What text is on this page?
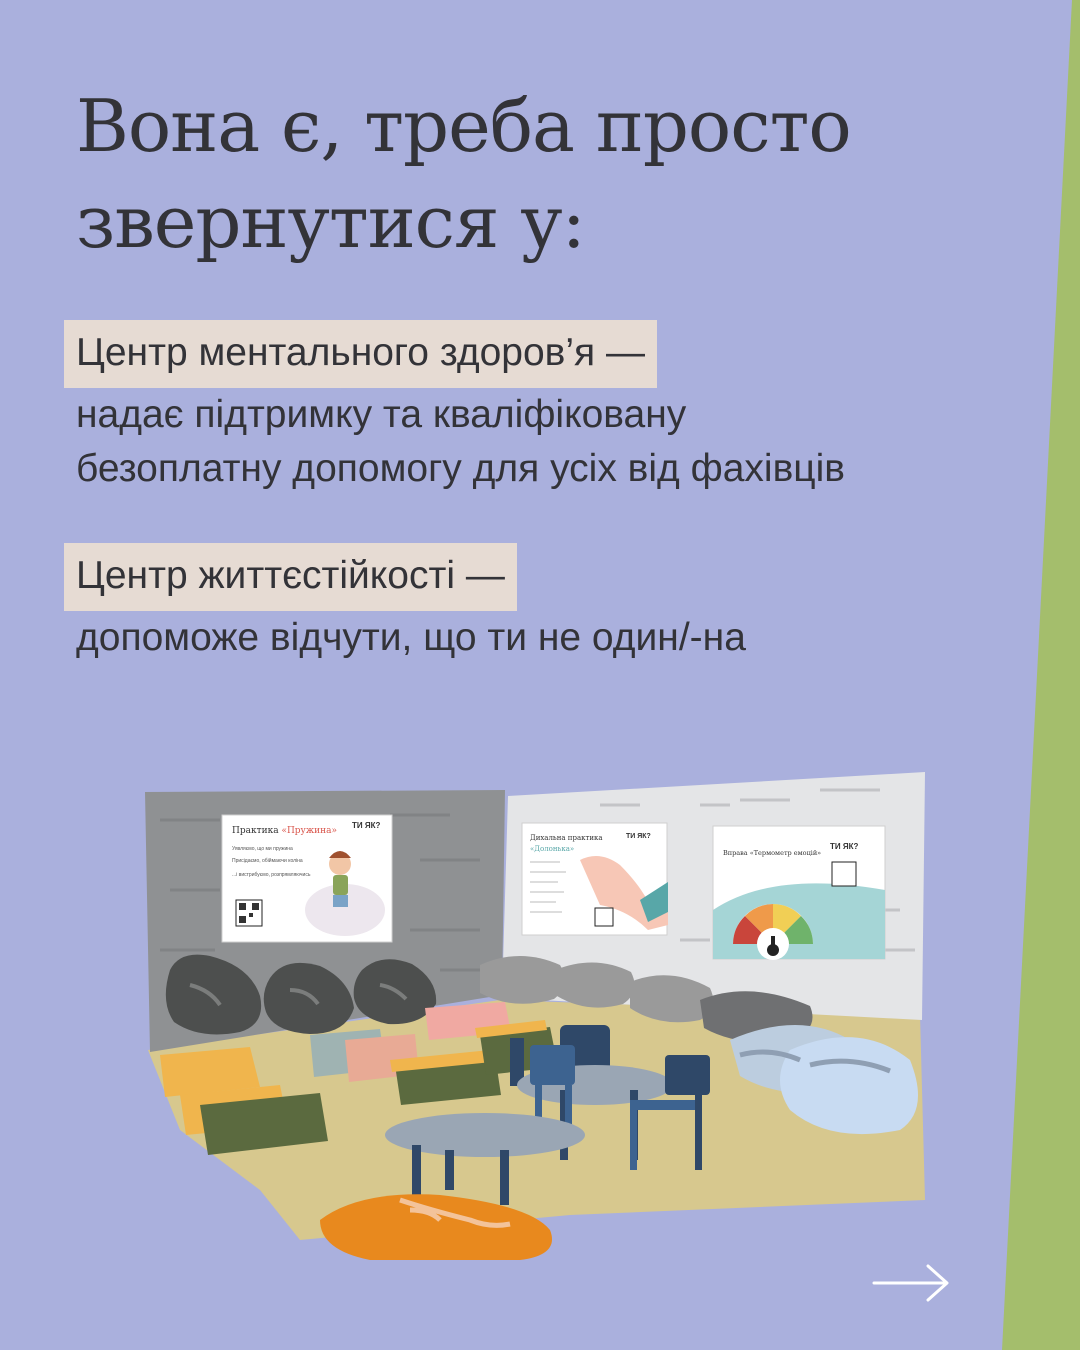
Вона є, треба просто
звернутися у:
Центр ментального здоров’я —

надає підтримку та кваліфіковану
безоплатну допомогу для усіх від фахівців

Центр життєстійкості —

допоможе відчути, що ти не один/-на

Практика «Пружина»
ТИ ЯК?
Уявляємо, що ми пружина
Присідаємо, обіймаючи коліна
...і вистрибуємо, розпрямляючись
Дихальна практика
«Долонька»
ТИ ЯК?
Вправа «Термометр емоцій»
ТИ ЯК?
